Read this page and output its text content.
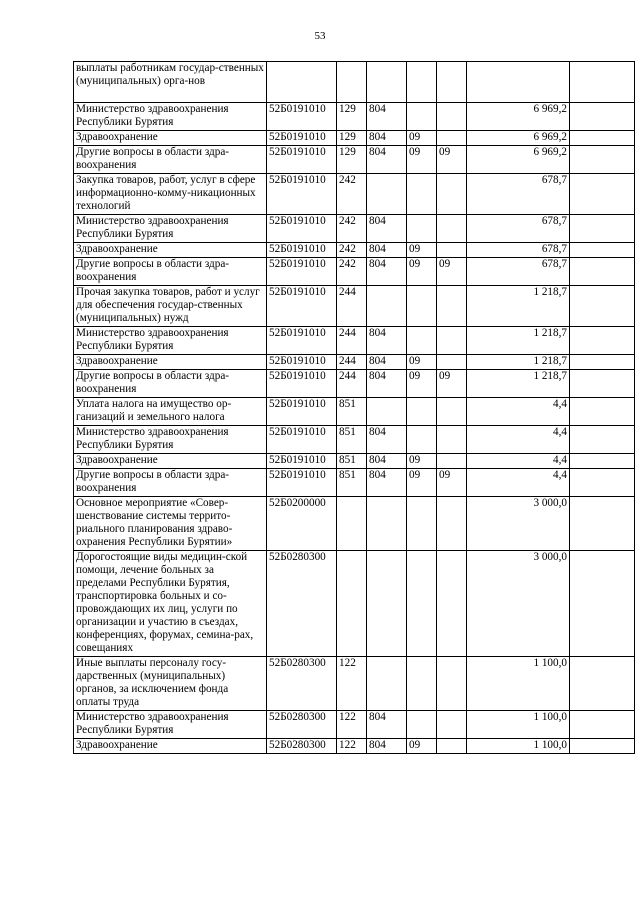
53
выплаты работникам государ-ственных (муниципальных) орга-нов							
Министерство здравоохранения Республики Бурятия	52Б0191010	129	804			6 969,2	
Здравоохранение	52Б0191010	129	804	09		6 969,2	
Другие вопросы в области здра-воохранения	52Б0191010	129	804	09	09	6 969,2	
Закупка товаров, работ, услуг в сфере информационно-комму-никационных технологий	52Б0191010	242				678,7	
Министерство здравоохранения Республики Бурятия	52Б0191010	242	804			678,7	
Здравоохранение	52Б0191010	242	804	09		678,7	
Другие вопросы в области здра-воохранения	52Б0191010	242	804	09	09	678,7	
Прочая закупка товаров, работ и услуг для обеспечения государ-ственных (муниципальных) нужд	52Б0191010	244				1 218,7	
Министерство здравоохранения Республики Бурятия	52Б0191010	244	804			1 218,7	
Здравоохранение	52Б0191010	244	804	09		1 218,7	
Другие вопросы в области здра-воохранения	52Б0191010	244	804	09	09	1 218,7	
Уплата налога на имущество ор-ганизаций и земельного налога	52Б0191010	851				4,4	
Министерство здравоохранения Республики Бурятия	52Б0191010	851	804			4,4	
Здравоохранение	52Б0191010	851	804	09		4,4	
Другие вопросы в области здра-воохранения	52Б0191010	851	804	09	09	4,4	
Основное мероприятие «Совер-шенствование системы террито-риального планирования здраво-охранения Республики Бурятии»	52Б0200000					3 000,0	
Дорогостоящие виды медицин-ской помощи, лечение больных за пределами Республики Бурятия, транспортировка больных и со-провождающих их лиц, услуги по организации и участию в съездах, конференциях, форумах, семина-рах, совещаниях	52Б0280300					3 000,0	
Иные выплаты персоналу госу-дарственных (муниципальных) органов, за исключением фонда оплаты труда	52Б0280300	122				1 100,0	
Министерство здравоохранения Республики Бурятия	52Б0280300	122	804			1 100,0	
Здравоохранение	52Б0280300	122	804	09		1 100,0	
